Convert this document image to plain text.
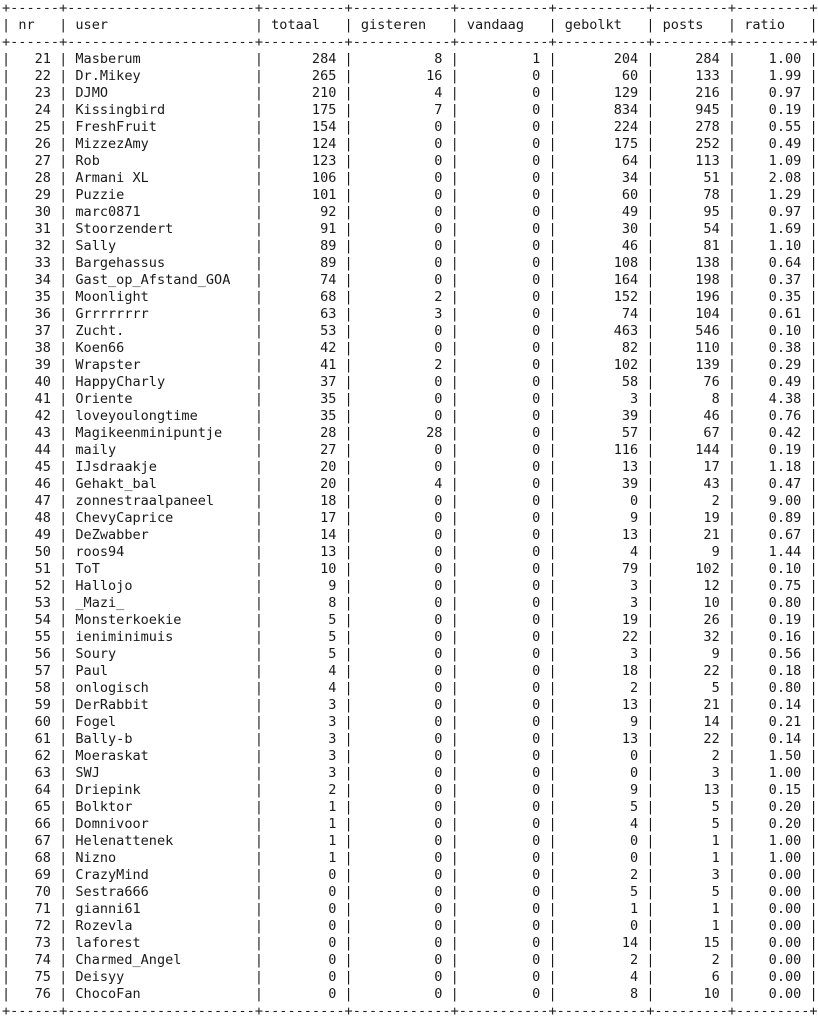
+------+-----------------------+----------+------------+-----------+-----------+---------+---------+
| nr   | user                  | totaal   | gisteren   | vandaag   | gebolkt   | posts   | ratio   |
+------+-----------------------+----------+------------+-----------+-----------+---------+---------+
|   21 | Masberum              |      284 |          8 |         1 |       204 |     284 |    1.00 |
|   22 | Dr.Mikey              |      265 |         16 |         0 |        60 |     133 |    1.99 |
|   23 | DJMO                  |      210 |          4 |         0 |       129 |     216 |    0.97 |
|   24 | Kissingbird           |      175 |          7 |         0 |       834 |     945 |    0.19 |
|   25 | FreshFruit            |      154 |          0 |         0 |       224 |     278 |    0.55 |
|   26 | MizzezAmy             |      124 |          0 |         0 |       175 |     252 |    0.49 |
|   27 | Rob                   |      123 |          0 |         0 |        64 |     113 |    1.09 |
|   28 | Armani XL             |      106 |          0 |         0 |        34 |      51 |    2.08 |
|   29 | Puzzie                |      101 |          0 |         0 |        60 |      78 |    1.29 |
|   30 | marc0871              |       92 |          0 |         0 |        49 |      95 |    0.97 |
|   31 | Stoorzendert          |       91 |          0 |         0 |        30 |      54 |    1.69 |
|   32 | Sally                 |       89 |          0 |         0 |        46 |      81 |    1.10 |
|   33 | Bargehassus           |       89 |          0 |         0 |       108 |     138 |    0.64 |
|   34 | Gast_op_Afstand_GOA   |       74 |          0 |         0 |       164 |     198 |    0.37 |
|   35 | Moonlight             |       68 |          2 |         0 |       152 |     196 |    0.35 |
|   36 | Grrrrrrrr             |       63 |          3 |         0 |        74 |     104 |    0.61 |
|   37 | Zucht.                |       53 |          0 |         0 |       463 |     546 |    0.10 |
|   38 | Koen66                |       42 |          0 |         0 |        82 |     110 |    0.38 |
|   39 | Wrapster              |       41 |          2 |         0 |       102 |     139 |    0.29 |
|   40 | HappyCharly           |       37 |          0 |         0 |        58 |      76 |    0.49 |
|   41 | Oriente               |       35 |          0 |         0 |         3 |       8 |    4.38 |
|   42 | loveyoulongtime       |       35 |          0 |         0 |        39 |      46 |    0.76 |
|   43 | Magikeenminipuntje    |       28 |         28 |         0 |        57 |      67 |    0.42 |
|   44 | maily                 |       27 |          0 |         0 |       116 |     144 |    0.19 |
|   45 | IJsdraakje            |       20 |          0 |         0 |        13 |      17 |    1.18 |
|   46 | Gehakt_bal            |       20 |          4 |         0 |        39 |      43 |    0.47 |
|   47 | zonnestraalpaneel     |       18 |          0 |         0 |         0 |       2 |    9.00 |
|   48 | ChevyCaprice          |       17 |          0 |         0 |         9 |      19 |    0.89 |
|   49 | DeZwabber             |       14 |          0 |         0 |        13 |      21 |    0.67 |
|   50 | roos94                |       13 |          0 |         0 |         4 |       9 |    1.44 |
|   51 | ToT                   |       10 |          0 |         0 |        79 |     102 |    0.10 |
|   52 | Hallojo               |        9 |          0 |         0 |         3 |      12 |    0.75 |
|   53 | _Mazi_                |        8 |          0 |         0 |         3 |      10 |    0.80 |
|   54 | Monsterkoekie         |        5 |          0 |         0 |        19 |      26 |    0.19 |
|   55 | ieniminimuis          |        5 |          0 |         0 |        22 |      32 |    0.16 |
|   56 | Soury                 |        5 |          0 |         0 |         3 |       9 |    0.56 |
|   57 | Paul                  |        4 |          0 |         0 |        18 |      22 |    0.18 |
|   58 | onlogisch             |        4 |          0 |         0 |         2 |       5 |    0.80 |
|   59 | DerRabbit             |        3 |          0 |         0 |        13 |      21 |    0.14 |
|   60 | Fogel                 |        3 |          0 |         0 |         9 |      14 |    0.21 |
|   61 | Bally-b               |        3 |          0 |         0 |        13 |      22 |    0.14 |
|   62 | Moeraskat             |        3 |          0 |         0 |         0 |       2 |    1.50 |
|   63 | SWJ                   |        3 |          0 |         0 |         0 |       3 |    1.00 |
|   64 | Driepink              |        2 |          0 |         0 |         9 |      13 |    0.15 |
|   65 | Bolktor               |        1 |          0 |         0 |         5 |       5 |    0.20 |
|   66 | Domnivoor             |        1 |          0 |         0 |         4 |       5 |    0.20 |
|   67 | Helenattenek          |        1 |          0 |         0 |         0 |       1 |    1.00 |
|   68 | Nizno                 |        1 |          0 |         0 |         0 |       1 |    1.00 |
|   69 | CrazyMind             |        0 |          0 |         0 |         2 |       3 |    0.00 |
|   70 | Sestra666             |        0 |          0 |         0 |         5 |       5 |    0.00 |
|   71 | gianni61              |        0 |          0 |         0 |         1 |       1 |    0.00 |
|   72 | Rozevla               |        0 |          0 |         0 |         0 |       1 |    0.00 |
|   73 | laforest              |        0 |          0 |         0 |        14 |      15 |    0.00 |
|   74 | Charmed_Angel         |        0 |          0 |         0 |         2 |       2 |    0.00 |
|   75 | Deisyy                |        0 |          0 |         0 |         4 |       6 |    0.00 |
|   76 | ChocoFan              |        0 |          0 |         0 |         8 |      10 |    0.00 |
+------+-----------------------+----------+------------+-----------+-----------+---------+---------+
